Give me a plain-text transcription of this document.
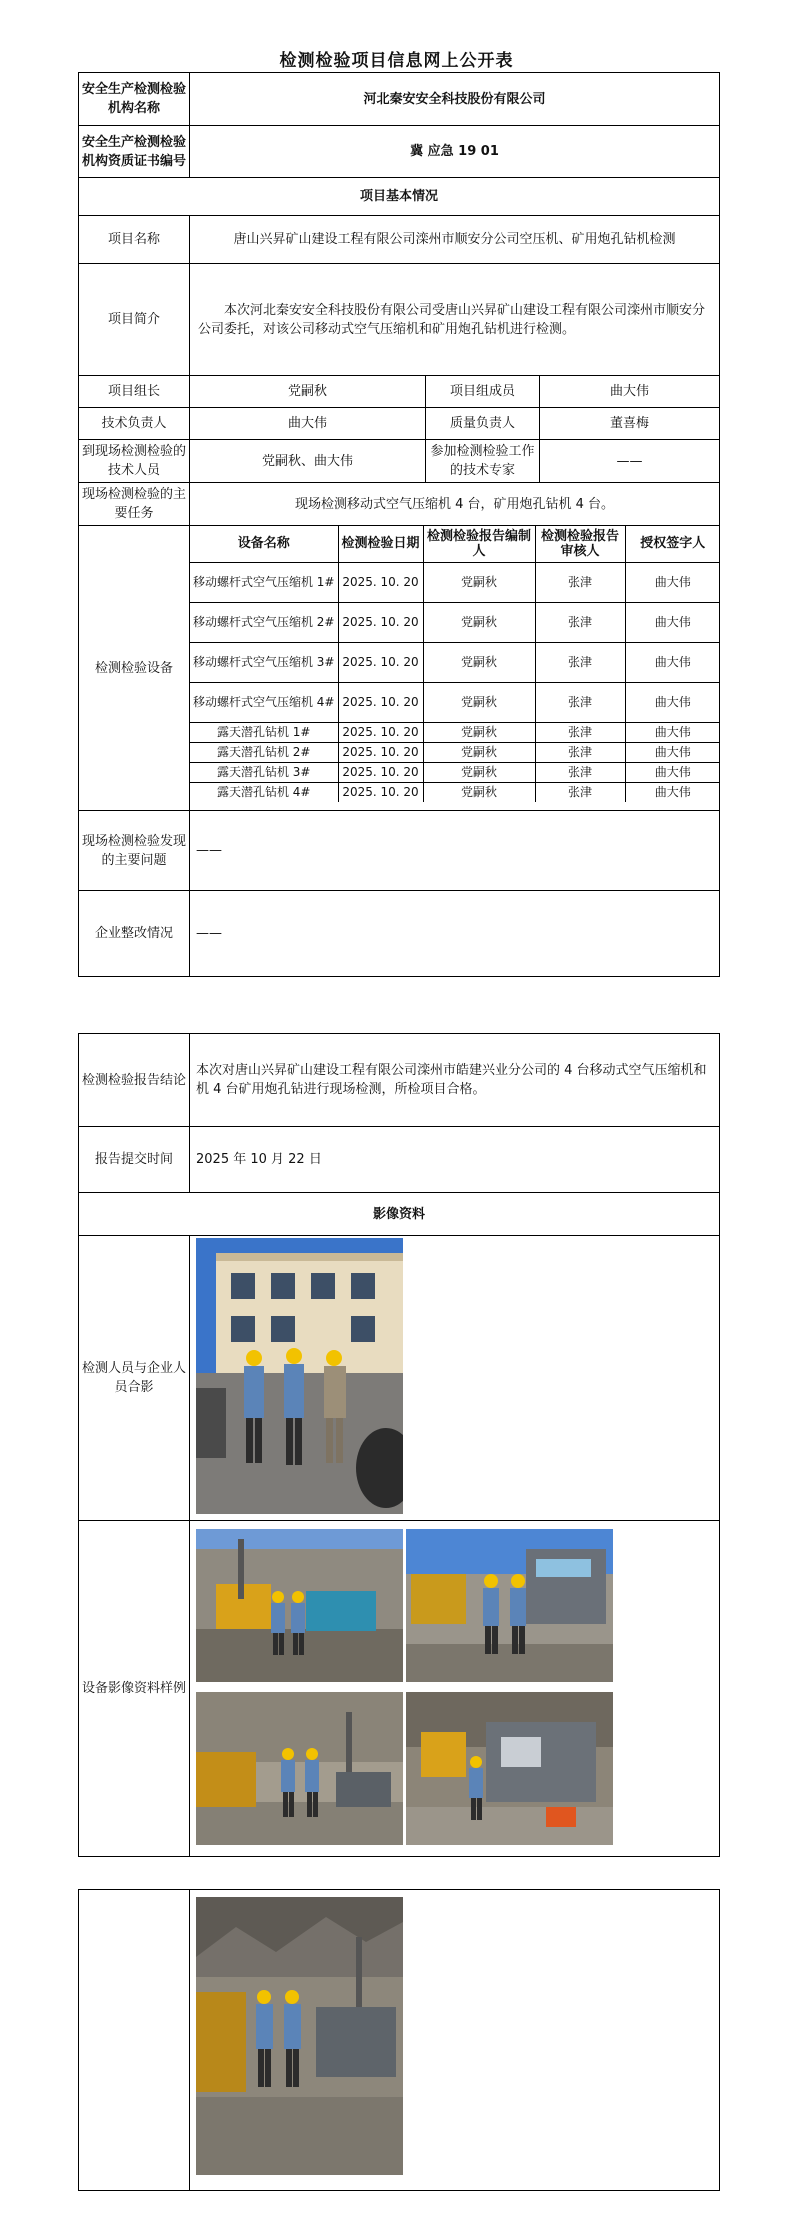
检测检验项目信息网上公开表
安全生产检测检验机构名称	河北秦安安全科技股份有限公司
安全生产检测检验机构资质证书编号	冀 应急 19 01
项目基本情况
项目名称	唐山兴昇矿山建设工程有限公司滦州市顺安分公司空压机、矿用炮孔钻机检测
项目简介	本次河北秦安安全科技股份有限公司受唐山兴昇矿山建设工程有限公司滦州市顺安分公司委托，对该公司移动式空气压缩机和矿用炮孔钻机进行检测。
项目组长	党嗣秋	项目组成员	曲大伟
技术负责人	曲大伟	质量负责人	董喜梅
到现场检测检验的技术人员	党嗣秋、曲大伟	参加检测检验工作的技术专家	——
现场检测检验的主要任务	现场检测移动式空气压缩机 4 台，矿用炮孔钻机 4 台。
检测检验设备	
设备名称	检测检验日期	检测检验报告编制人	检测检验报告审核人	授权签字人
移动螺杆式空气压缩机 1#	2025. 10. 20	党嗣秋	张津	曲大伟
移动螺杆式空气压缩机 2#	2025. 10. 20	党嗣秋	张津	曲大伟
移动螺杆式空气压缩机 3#	2025. 10. 20	党嗣秋	张津	曲大伟
移动螺杆式空气压缩机 4#	2025. 10. 20	党嗣秋	张津	曲大伟
露天潜孔钻机 1#	2025. 10. 20	党嗣秋	张津	曲大伟
露天潜孔钻机 2#	2025. 10. 20	党嗣秋	张津	曲大伟
露天潜孔钻机 3#	2025. 10. 20	党嗣秋	张津	曲大伟
露天潜孔钻机 4#	2025. 10. 20	党嗣秋	张津	曲大伟

现场检测检验发现的主要问题	——
企业整改情况	——
检测检验报告结论	本次对唐山兴昇矿山建设工程有限公司滦州市皓建兴业分公司的 4 台移动式空气压缩机和机 4 台矿用炮孔钻进行现场检测，所检项目合格。
报告提交时间	2025 年 10 月 22 日
影像资料	
检测人员与企业人员合影	
设备影像资料样例	
